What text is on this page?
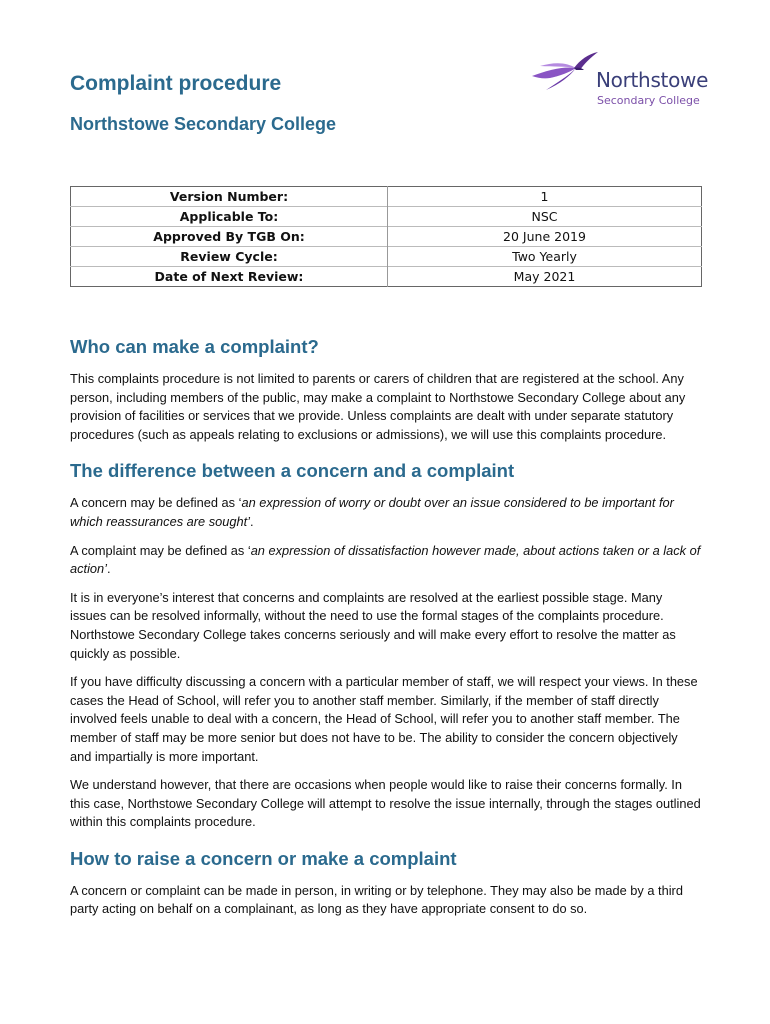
Complaint procedure
Northstowe Secondary College
Northstowe
Secondary College
Version Number:	1
Applicable To:	NSC
Approved By TGB On:	20 June 2019
Review Cycle:	Two Yearly
Date of Next Review:	May 2021
Who can make a complaint?

This complaints procedure is not limited to parents or carers of children that are registered at the school. Any person, including members of the public, may make a complaint to Northstowe Secondary College about any provision of facilities or services that we provide. Unless complaints are dealt with under separate statutory procedures (such as appeals relating to exclusions or admissions), we will use this complaints procedure.

The difference between a concern and a complaint

A concern may be defined as ‘an expression of worry or doubt over an issue considered to be important for which reassurances are sought’.

A complaint may be defined as ‘an expression of dissatisfaction however made, about actions taken or a lack of action’.

It is in everyone’s interest that concerns and complaints are resolved at the earliest possible stage. Many issues can be resolved informally, without the need to use the formal stages of the complaints procedure. Northstowe Secondary College takes concerns seriously and will make every effort to resolve the matter as quickly as possible.

If you have difficulty discussing a concern with a particular member of staff, we will respect your views. In these cases the Head of School, will refer you to another staff member. Similarly, if the member of staff directly involved feels unable to deal with a concern, the Head of School, will refer you to another staff member. The member of staff may be more senior but does not have to be. The ability to consider the concern objectively and impartially is more important.

We understand however, that there are occasions when people would like to raise their concerns formally. In this case, Northstowe Secondary College will attempt to resolve the issue internally, through the stages outlined within this complaints procedure.

How to raise a concern or make a complaint

A concern or complaint can be made in person, in writing or by telephone. They may also be made by a third party acting on behalf on a complainant, as long as they have appropriate consent to do so.
